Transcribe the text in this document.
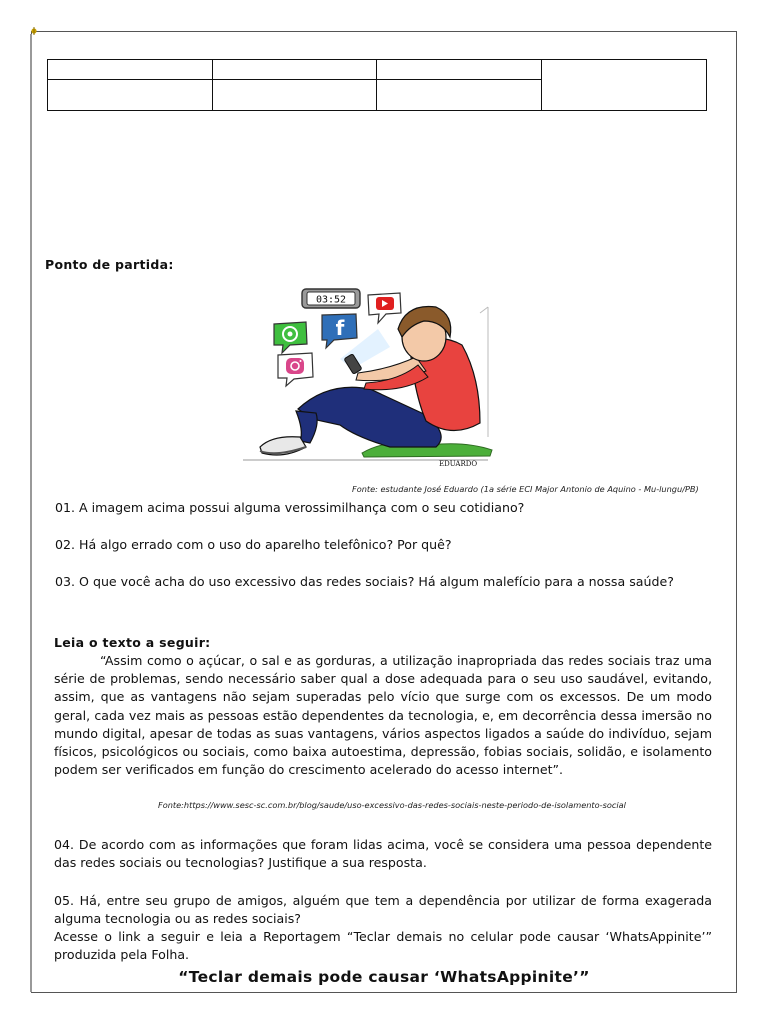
Ponto de partida:
03:52
f
EDUARDO
Fonte: estudante José Eduardo (1a série ECI Major Antonio de Aquino - Mu-lungu/PB)
01. A imagem acima possui alguma verossimilhança com o seu cotidiano?
02. Há algo errado com o uso do aparelho telefônico? Por quê?
03. O que você acha do uso excessivo das redes sociais? Há algum malefício para a nossa saúde?
Leia o texto a seguir:

“Assim como o açúcar, o sal e as gorduras, a utilização inapropriada das redes sociais traz uma série de problemas, sendo necessário saber qual a dose adequada para o seu uso saudável, evitando, assim, que as vantagens não sejam superadas pelo vício que surge com os excessos. De um modo geral, cada vez mais as pessoas estão dependentes da tecnologia, e, em decorrência dessa imersão no mundo digital, apesar de todas as suas vantagens, vários aspectos ligados a saúde do indivíduo, sejam físicos, psicológicos ou sociais, como baixa autoestima, depressão, fobias sociais, solidão, e isolamento podem ser verificados em função do crescimento acelerado do acesso internet”.

Fonte:https://www.sesc-sc.com.br/blog/saude/uso-excessivo-das-redes-sociais-neste-periodo-de-isolamento-social

04. De acordo com as informações que foram lidas acima, você se considera uma pessoa dependente das redes sociais ou tecnologias? Justifique a sua resposta.

05. Há, entre seu grupo de amigos, alguém que tem a dependência por utilizar de forma exagerada alguma tecnologia ou as redes sociais?

Acesse o link a seguir e leia a Reportagem “Teclar demais no celular pode causar ‘WhatsAppinite’” produzida pela Folha.

“Teclar demais pode causar ‘WhatsAppinite’”
